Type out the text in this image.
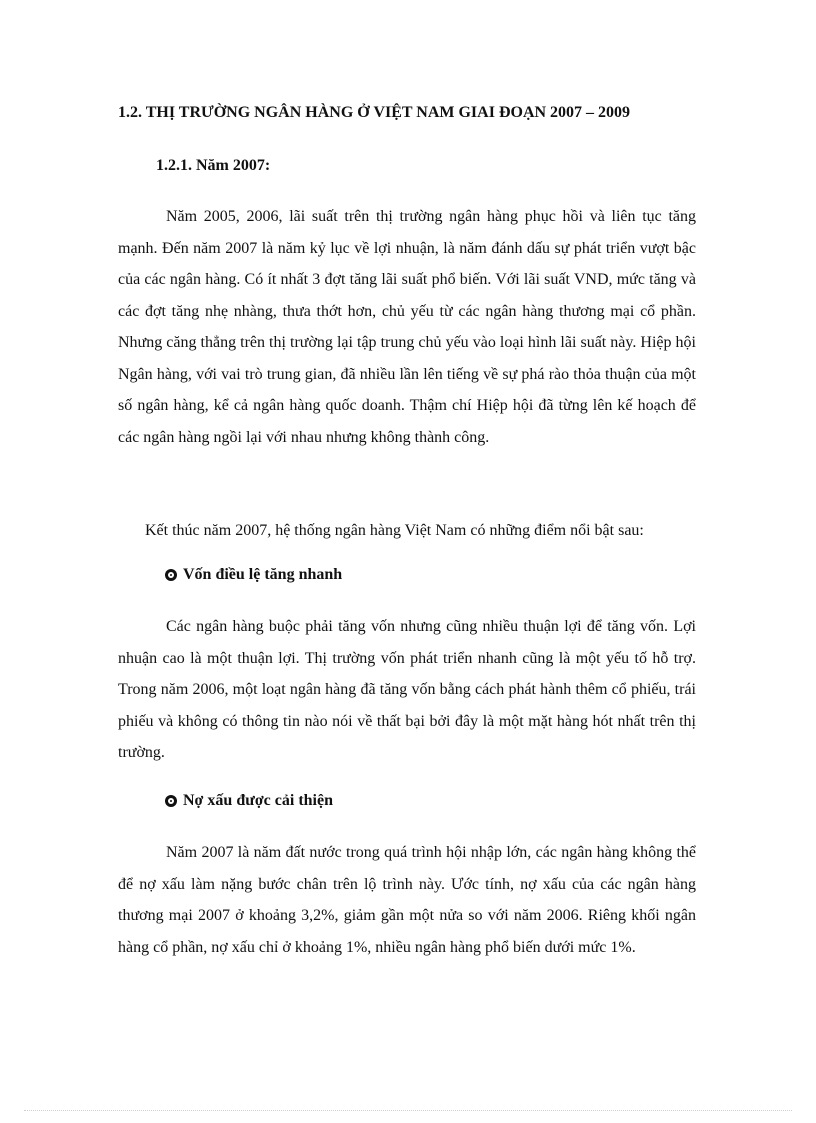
1.2. THỊ TRƯỜNG NGÂN HÀNG Ở VIỆT NAM GIAI ĐOẠN 2007 – 2009
1.2.1. Năm 2007:

Năm 2005, 2006, lãi suất trên thị trường ngân hàng phục hồi và liên tục tăng mạnh. Đến năm 2007 là năm kỷ lục về lợi nhuận, là năm đánh dấu sự phát triển vượt bậc của các ngân hàng. Có ít nhất 3 đợt tăng lãi suất phổ biến. Với lãi suất VND, mức tăng và các đợt tăng nhẹ nhàng, thưa thớt hơn, chủ yếu từ các ngân hàng thương mại cổ phần. Nhưng căng thẳng trên thị trường lại tập trung chủ yếu vào loại hình lãi suất này. Hiệp hội Ngân hàng, với vai trò trung gian, đã nhiều lần lên tiếng về sự phá rào thỏa thuận của một số ngân hàng, kể cả ngân hàng quốc doanh. Thậm chí Hiệp hội đã từng lên kế hoạch để các ngân hàng ngồi lại với nhau nhưng không thành công.

Kết thúc năm 2007, hệ thống ngân hàng Việt Nam có những điểm nổi bật sau:

Vốn điều lệ tăng nhanh

Các ngân hàng buộc phải tăng vốn nhưng cũng nhiều thuận lợi để tăng vốn. Lợi nhuận cao là một thuận lợi. Thị trường vốn phát triển nhanh cũng là một yếu tố hỗ trợ. Trong năm 2006, một loạt ngân hàng đã tăng vốn bằng cách phát hành thêm cổ phiếu, trái phiếu và không có thông tin nào nói về thất bại bởi đây là một mặt hàng hót nhất trên thị trường.

Nợ xấu được cải thiện

Năm 2007 là năm đất nước trong quá trình hội nhập lớn, các ngân hàng không thể để nợ xấu làm nặng bước chân trên lộ trình này. Ước tính, nợ xấu của các ngân hàng thương mại 2007 ở khoảng 3,2%, giảm gần một nửa so với năm 2006. Riêng khối ngân hàng cổ phần, nợ xấu chỉ ở khoảng 1%, nhiều ngân hàng phổ biến dưới mức 1%.
